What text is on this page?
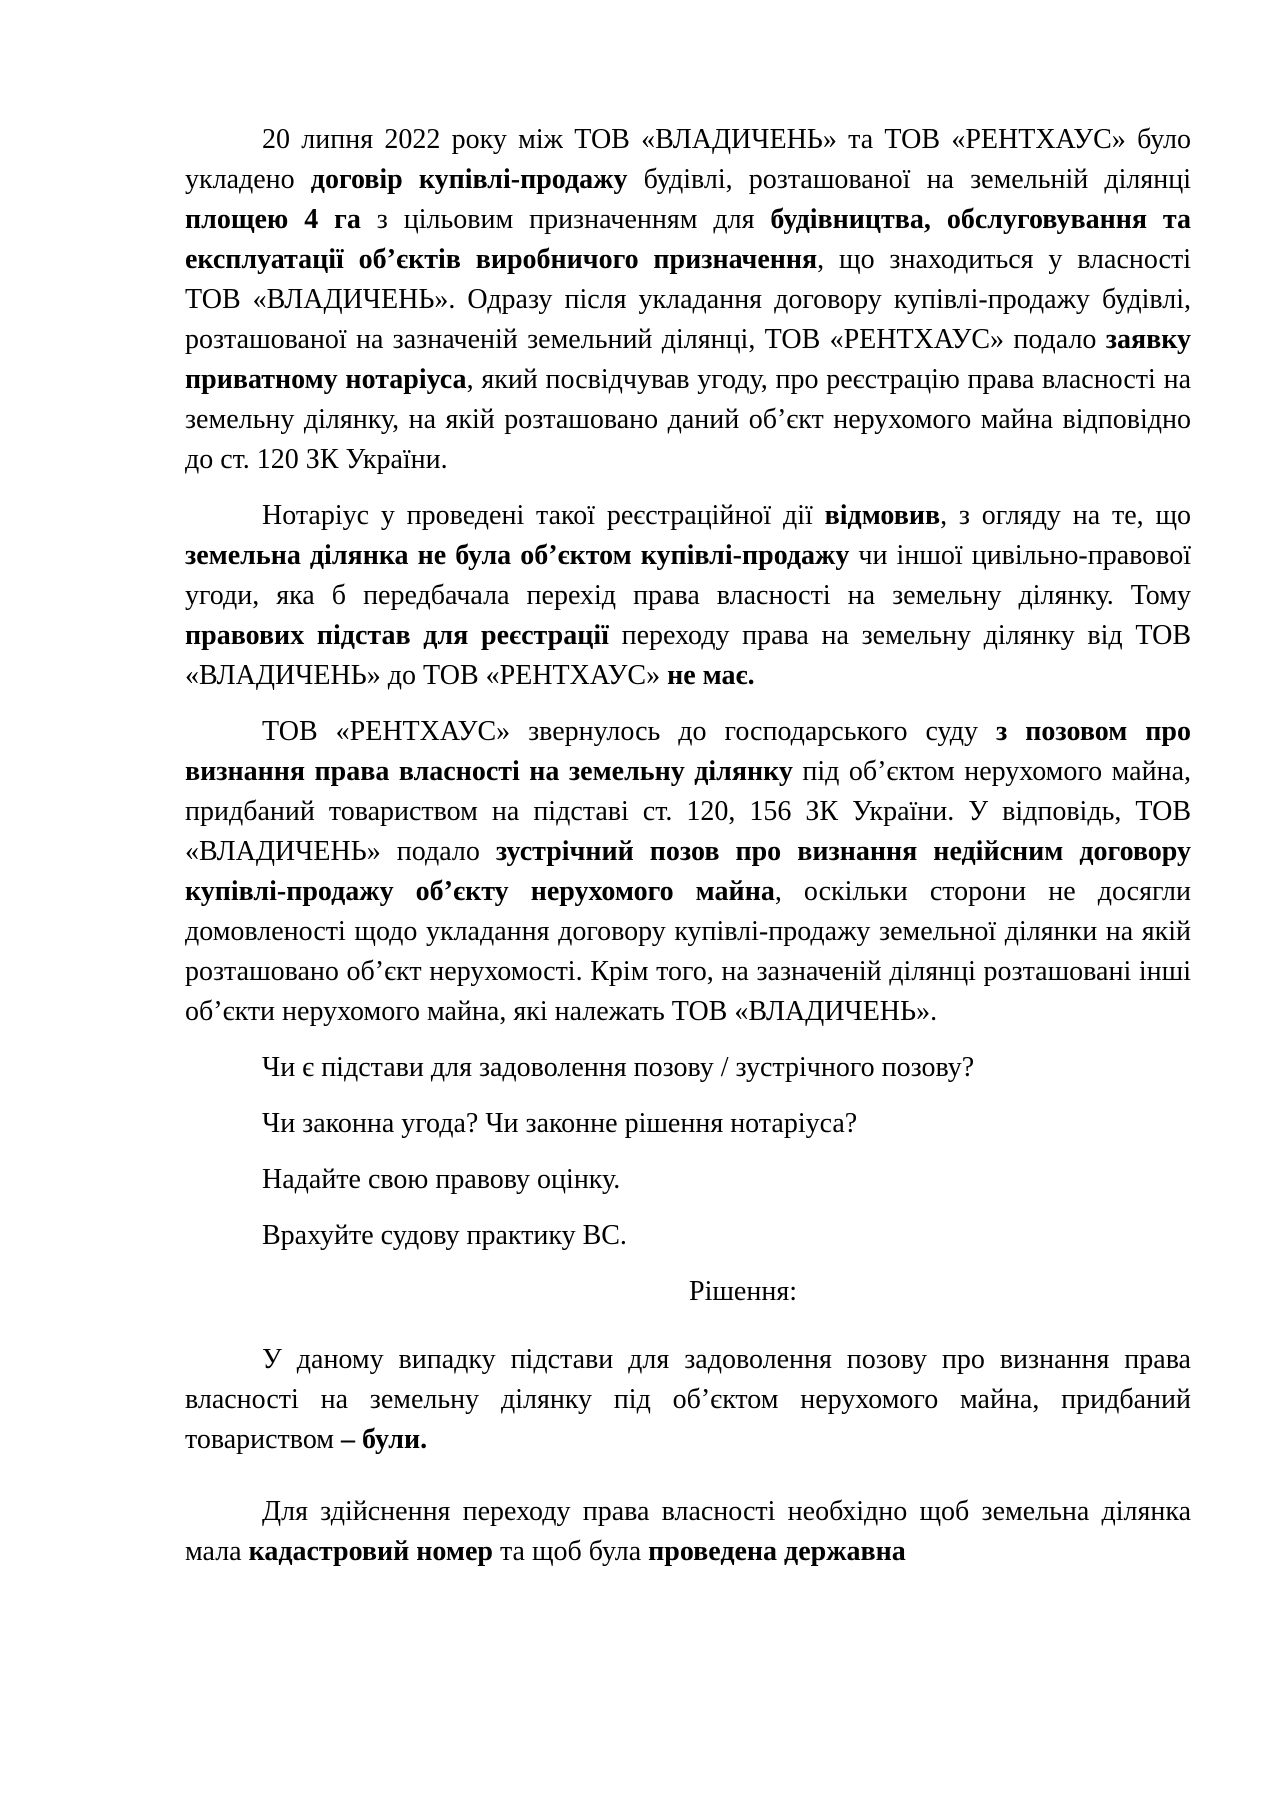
20 липня 2022 року між ТОВ «ВЛАДИЧЕНЬ» та ТОВ «РЕНТХАУС» було укладено договір купівлі-продажу будівлі, розташованої на земельній ділянці площею 4 га з цільовим призначенням для будівництва, обслуговування та експлуатації об’єктів виробничого призначення, що знаходиться у власності ТОВ «ВЛАДИЧЕНЬ». Одразу після укладання договору купівлі-продажу будівлі, розташованої на зазначеній земельний ділянці, ТОВ «РЕНТХАУС» подало заявку приватному нотаріуса, який посвідчував угоду, про реєстрацію права власності на земельну ділянку, на якій розташовано даний об’єкт нерухомого майна відповідно до ст. 120 ЗК України.

Нотаріус у проведені такої реєстраційної дії відмовив, з огляду на те, що земельна ділянка не була об’єктом купівлі-продажу чи іншої цивільно-правової угоди, яка б передбачала перехід права власності на земельну ділянку. Тому правових підстав для реєстрації переходу права на земельну ділянку від ТОВ «ВЛАДИЧЕНЬ» до ТОВ «РЕНТХАУС» не має.

ТОВ «РЕНТХАУС» звернулось до господарського суду з позовом про визнання права власності на земельну ділянку під об’єктом нерухомого майна, придбаний товариством на підставі ст. 120, 156 ЗК України. У відповідь, ТОВ «ВЛАДИЧЕНЬ» подало зустрічний позов про визнання недійсним договору купівлі-продажу об’єкту нерухомого майна, оскільки сторони не досягли домовленості щодо укладання договору купівлі-продажу земельної ділянки на якій розташовано об’єкт нерухомості. Крім того, на зазначеній ділянці розташовані інші об’єкти нерухомого майна, які належать ТОВ «ВЛАДИЧЕНЬ».

Чи є підстави для задоволення позову / зустрічного позову?

Чи законна угода? Чи законне рішення нотаріуса?

Надайте свою правову оцінку.

Врахуйте судову практику ВС.

Рішення:

У даному випадку підстави для задоволення позову про визнання права власності на земельну ділянку під об’єктом нерухомого майна, придбаний товариством – були.

Для здійснення переходу права власності необхідно щоб земельна ділянка мала кадастровий номер та щоб була проведена державна
